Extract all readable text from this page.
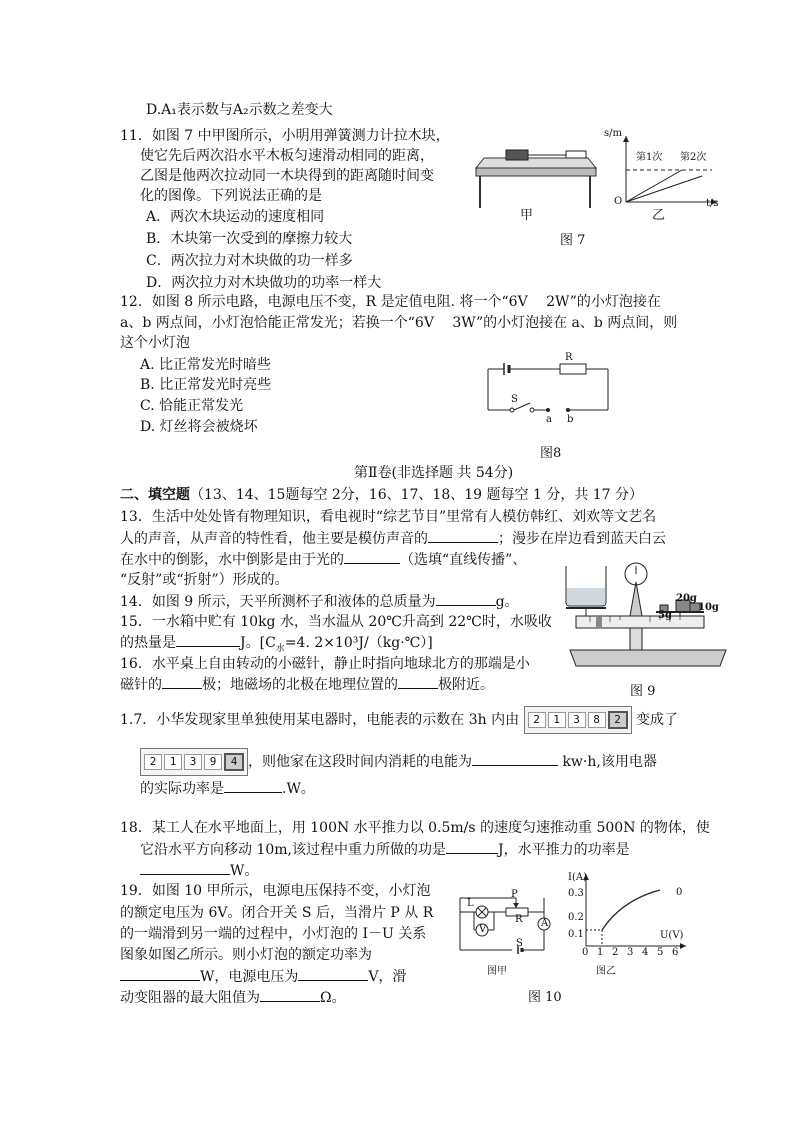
D.A₁表示数与A₂示数之差变大
11．如图 7 中甲图所示，小明用弹簧测力计拉木块，
使它先后两次沿水平木板匀速滑动相同的距离，
乙图是他两次拉动同一木块得到的距离随时间变
化的图像。下列说法正确的是
A．两次木块运动的速度相同
B．木块第一次受到的摩擦力较大
C．两次拉力对木块做的功一样多
D．两次拉力对木块做功的功率一样大
甲
s/m
第1次 第2次
O
乙
t/s
图 7
12．如图 8 所示电路，电源电压不变，R 是定值电阻. 将一个“6V　 2W”的小灯泡接在
a、b 两点间，小灯泡恰能正常发光；若换一个“6V　 3W”的小灯泡接在 a、b 两点间，则
这个小灯泡
A. 比正常发光时暗些
B. 比正常发光时亮些
C. 恰能正常发光
D. 灯丝将会被烧坏
R
S
a b
图8
第Ⅱ卷(非选择题 共 54分)
二、填空题（13、14、15题每空 2分，16、17、18、19 题每空 1 分，共 17 分）
13．生活中处处皆有物理知识，看电视时“综艺节目”里常有人模仿韩红、刘欢等文艺名
人的声音，从声音的特性看，他主要是模仿声音的	；漫步在岸边看到蓝天白云
在水中的倒影，水中倒影是由于光的	（选填“直线传播”、
“反射”或“折射”）形成的。
14．如图 9 所示，天平所测杯子和液体的总质量为	g。
15．一水箱中贮有 10kg 水，当水温从 20℃升高到 22℃时，水吸收
的热量是	J。[$C_水=4$. 2×10³J/（kg·℃）]
16．水平桌上自由转动的小磁针，静止时指向地球北方的那端是小
磁针的	极；地磁场的北极在地理位置的	极附近。
20g
10g
5g
图 9
1.7．小华发现家里单独使用某电器时，电能表的示数在 3h 内由 2 1 3 8 2 变成了
2 1 3 9 4 ，则他家在这段时间内消耗的电能为	kw·h,该用电器
的实际功率是	.W。
18．某工人在水平地面上，用 100N 水平推力以 0.5m/s 的速度匀速推动重 500N 的物体，使
它沿水平方向移动 10m,该过程中重力所做的功是	J，水平推力的功率是
W。
19．如图 10 甲所示，电源电压保持不变，小灯泡
的额定电压为 6V。闭合开关 S 后，当滑片 P 从 R
的一端滑到另一端的过程中，小灯泡的 I－U 关系
图象如图乙所示。则小灯泡的额定功率为
W，电源电压为	V，滑
动变阻器的最大阻值为	Ω。
L
P
R
V
A
S
图甲
I(A)
0.3
0.2
0.1
0
U(V)
0 1 2 3 4 5 6
图乙
图 10
